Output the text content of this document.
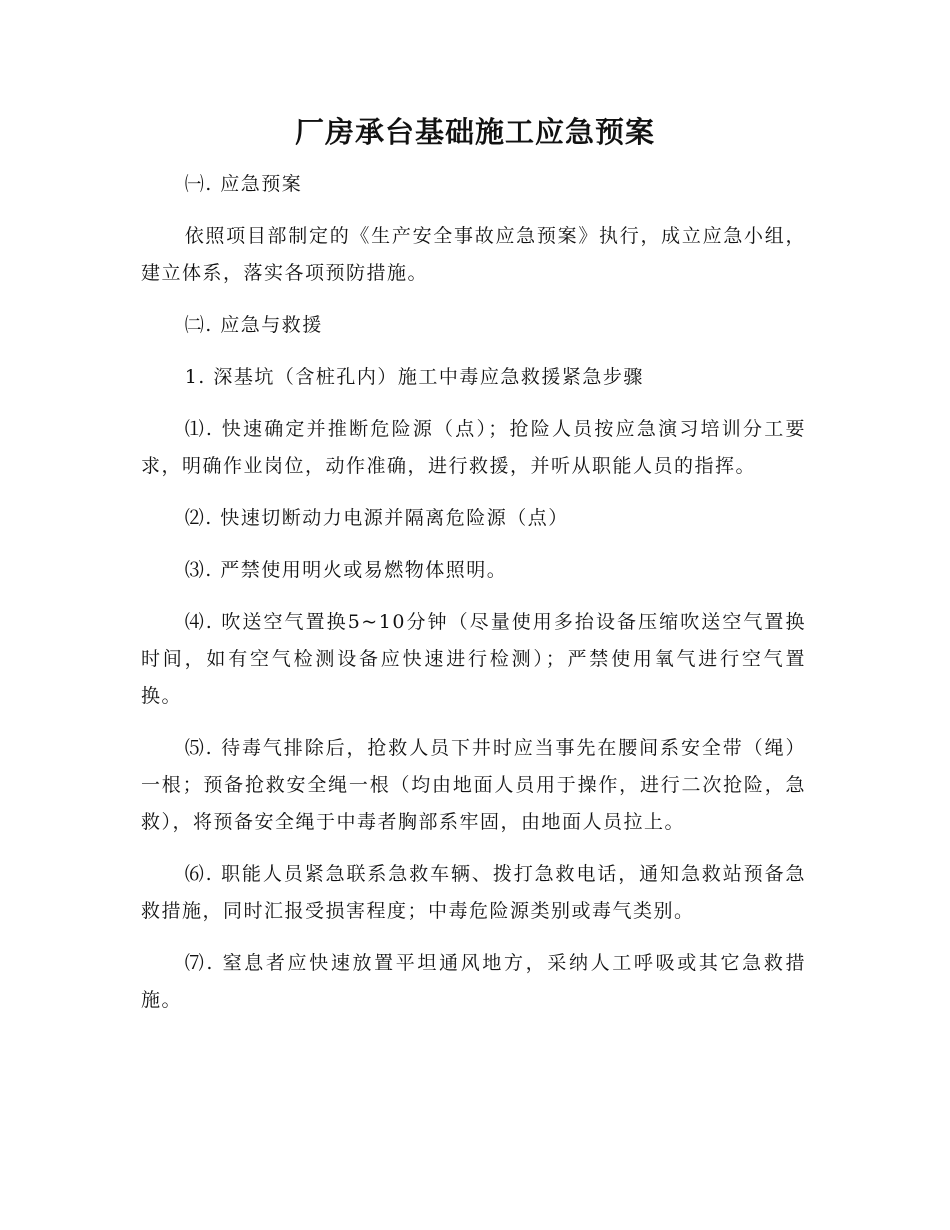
厂房承台基础施工应急预案

㈠. 应急预案

依照项目部制定的《生产安全事故应急预案》执行，成立应急小组，建立体系，落实各项预防措施。

㈡. 应急与救援

1. 深基坑（含桩孔内）施工中毒应急救援紧急步骤

⑴. 快速确定并推断危险源（点）；抢险人员按应急演习培训分工要求，明确作业岗位，动作准确，进行救援，并听从职能人员的指挥。

⑵. 快速切断动力电源并隔离危险源（点）

⑶. 严禁使用明火或易燃物体照明。

⑷. 吹送空气置换5~10分钟（尽量使用多抬设备压缩吹送空气置换时间，如有空气检测设备应快速进行检测）；严禁使用氧气进行空气置换。

⑸. 待毒气排除后，抢救人员下井时应当事先在腰间系安全带（绳）一根；预备抢救安全绳一根（均由地面人员用于操作，进行二次抢险，急救），将预备安全绳于中毒者胸部系牢固，由地面人员拉上。

⑹. 职能人员紧急联系急救车辆、拨打急救电话，通知急救站预备急救措施，同时汇报受损害程度；中毒危险源类别或毒气类别。

⑺. 窒息者应快速放置平坦通风地方，采纳人工呼吸或其它急救措施。
